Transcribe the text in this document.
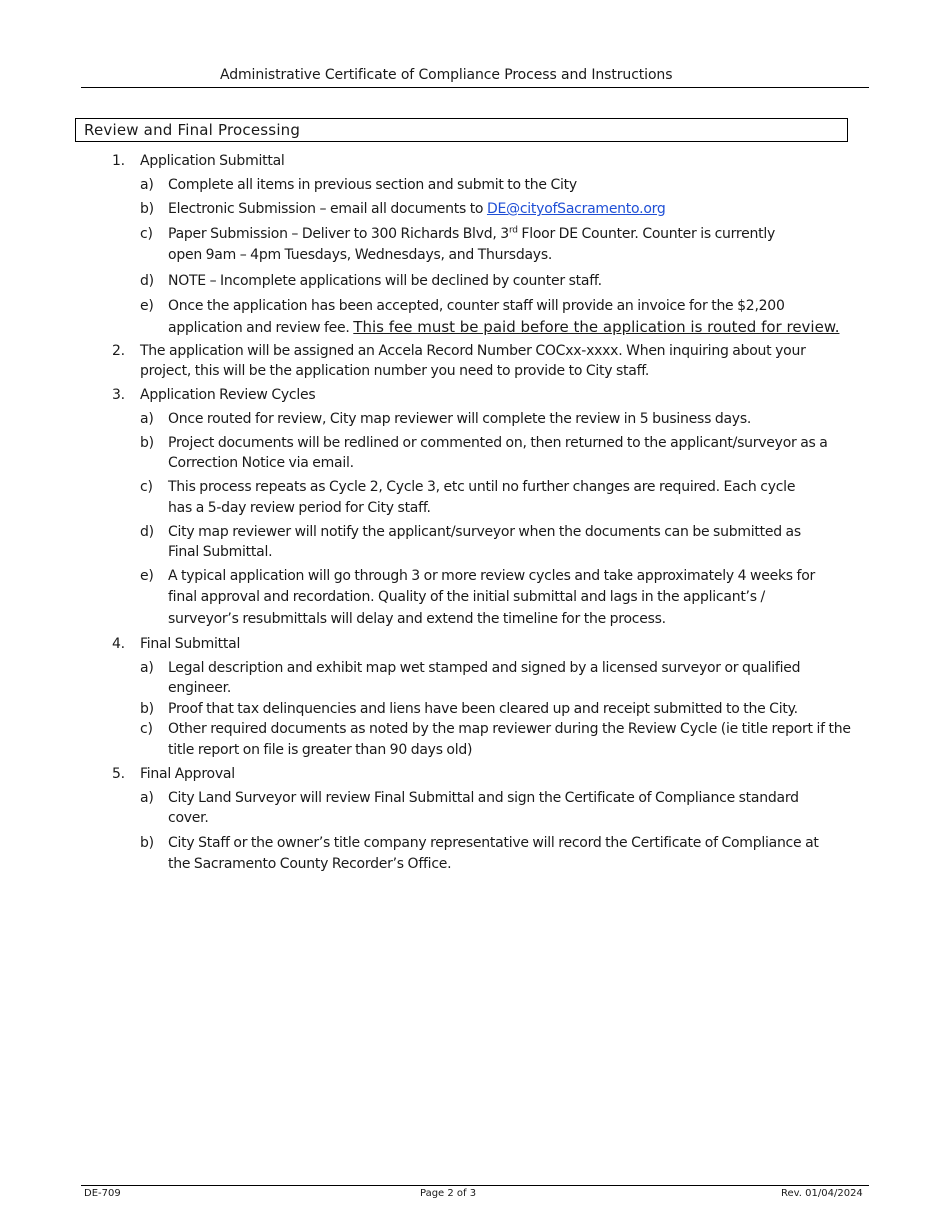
Administrative Certificate of Compliance Process and Instructions
Review and Final Processing
1. Application Submittal
a) Complete all items in previous section and submit to the City
b) Electronic Submission – email all documents to DE@cityofSacramento.org
c) Paper Submission – Deliver to 300 Richards Blvd, 3rd Floor DE Counter. Counter is currently
open 9am – 4pm Tuesdays, Wednesdays, and Thursdays.
d) NOTE – Incomplete applications will be declined by counter staff.
e) Once the application has been accepted, counter staff will provide an invoice for the $2,200
application and review fee. This fee must be paid before the application is routed for review.
2. The application will be assigned an Accela Record Number COCxx-xxxx. When inquiring about your
project, this will be the application number you need to provide to City staff.
3. Application Review Cycles
a) Once routed for review, City map reviewer will complete the review in 5 business days.
b) Project documents will be redlined or commented on, then returned to the applicant/surveyor as a
Correction Notice via email.
c) This process repeats as Cycle 2, Cycle 3, etc until no further changes are required. Each cycle
has a 5-day review period for City staff.
d) City map reviewer will notify the applicant/surveyor when the documents can be submitted as
Final Submittal.
e) A typical application will go through 3 or more review cycles and take approximately 4 weeks for
final approval and recordation. Quality of the initial submittal and lags in the applicant’s /
surveyor’s resubmittals will delay and extend the timeline for the process.
4. Final Submittal
a) Legal description and exhibit map wet stamped and signed by a licensed surveyor or qualified
engineer.
b) Proof that tax delinquencies and liens have been cleared up and receipt submitted to the City.
c) Other required documents as noted by the map reviewer during the Review Cycle (ie title report if the
title report on file is greater than 90 days old)
5. Final Approval
a) City Land Surveyor will review Final Submittal and sign the Certificate of Compliance standard
cover.
b) City Staff or the owner’s title company representative will record the Certificate of Compliance at
the Sacramento County Recorder’s Office.
DE-709	Page 2 of 3	Rev. 01/04/2024
